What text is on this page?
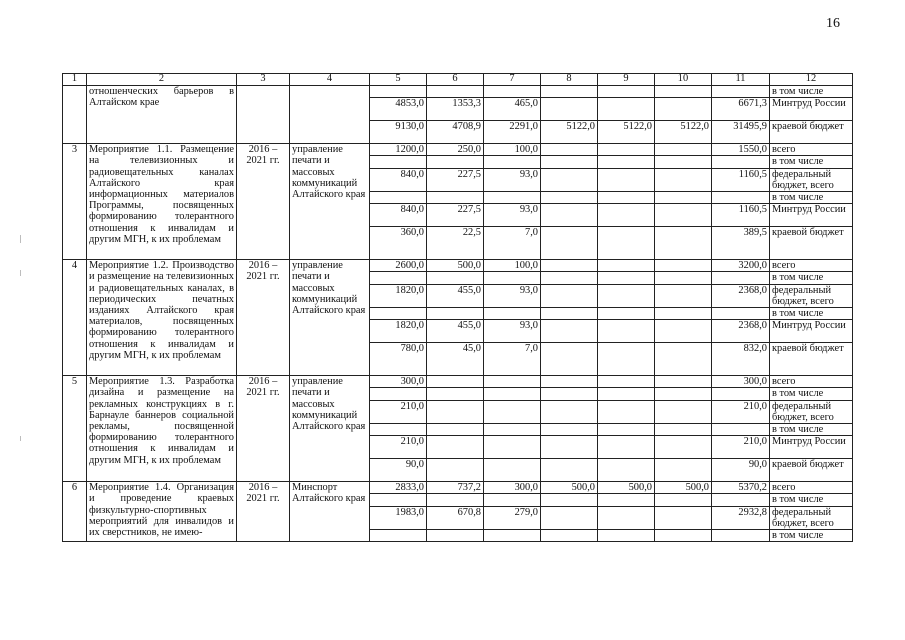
16
1	2	3	4	5	6	7	8	9	10	11	12
	отношенческих барьеров в Алтайском крае										в том числе
				4853,0	1353,3	465,0				6671,3	Минтруд России
				9130,0	4708,9	2291,0	5122,0	5122,0	5122,0	31495,9	краевой бюджет
3	Мероприятие 1.1. Размещение на телевизионных и радиовещательных каналах Алтайского края информационных материалов Программы, посвященных формированию толерантного отношения к инвалидам и другим МГН, к их проблемам	2016 – 2021 гг.	управление печати и массовых коммуникаций Алтайского края	1200,0	250,0	100,0				1550,0	всего
											в том числе
				840,0	227,5	93,0				1160,5	федеральный бюджет, всего
											в том числе
				840,0	227,5	93,0				1160,5	Минтруд России
				360,0	22,5	7,0				389,5	краевой бюджет
4	Мероприятие 1.2. Производство и размещение на телевизионных и радиовещательных каналах, в периодических печатных изданиях Алтайского края материалов, посвященных формированию толерантного отношения к инвалидам и другим МГН, к их проблемам	2016 – 2021 гг.	управление печати и массовых коммуникаций Алтайского края	2600,0	500,0	100,0				3200,0	всего
											в том числе
				1820,0	455,0	93,0				2368,0	федеральный бюджет, всего
											в том числе
				1820,0	455,0	93,0				2368,0	Минтруд России
				780,0	45,0	7,0				832,0	краевой бюджет
5	Мероприятие 1.3. Разработка дизайна и размещение на рекламных конструкциях в г. Барнауле баннеров социальной рекламы, посвященной формированию толерантного отношения к инвалидам и другим МГН, к их проблемам	2016 – 2021 гг.	управление печати и массовых коммуникаций Алтайского края	300,0						300,0	всего
											в том числе
				210,0						210,0	федеральный бюджет, всего
											в том числе
				210,0						210,0	Минтруд России
				90,0						90,0	краевой бюджет
6	Мероприятие 1.4. Организация и проведение краевых физкультурно-спортивных мероприятий для инвалидов и их сверстников, не имею-	2016 – 2021 гг.	Минспорт Алтайского края	2833,0	737,2	300,0	500,0	500,0	500,0	5370,2	всего
											в том числе
				1983,0	670,8	279,0				2932,8	федеральный бюджет, всего
											в том числе
